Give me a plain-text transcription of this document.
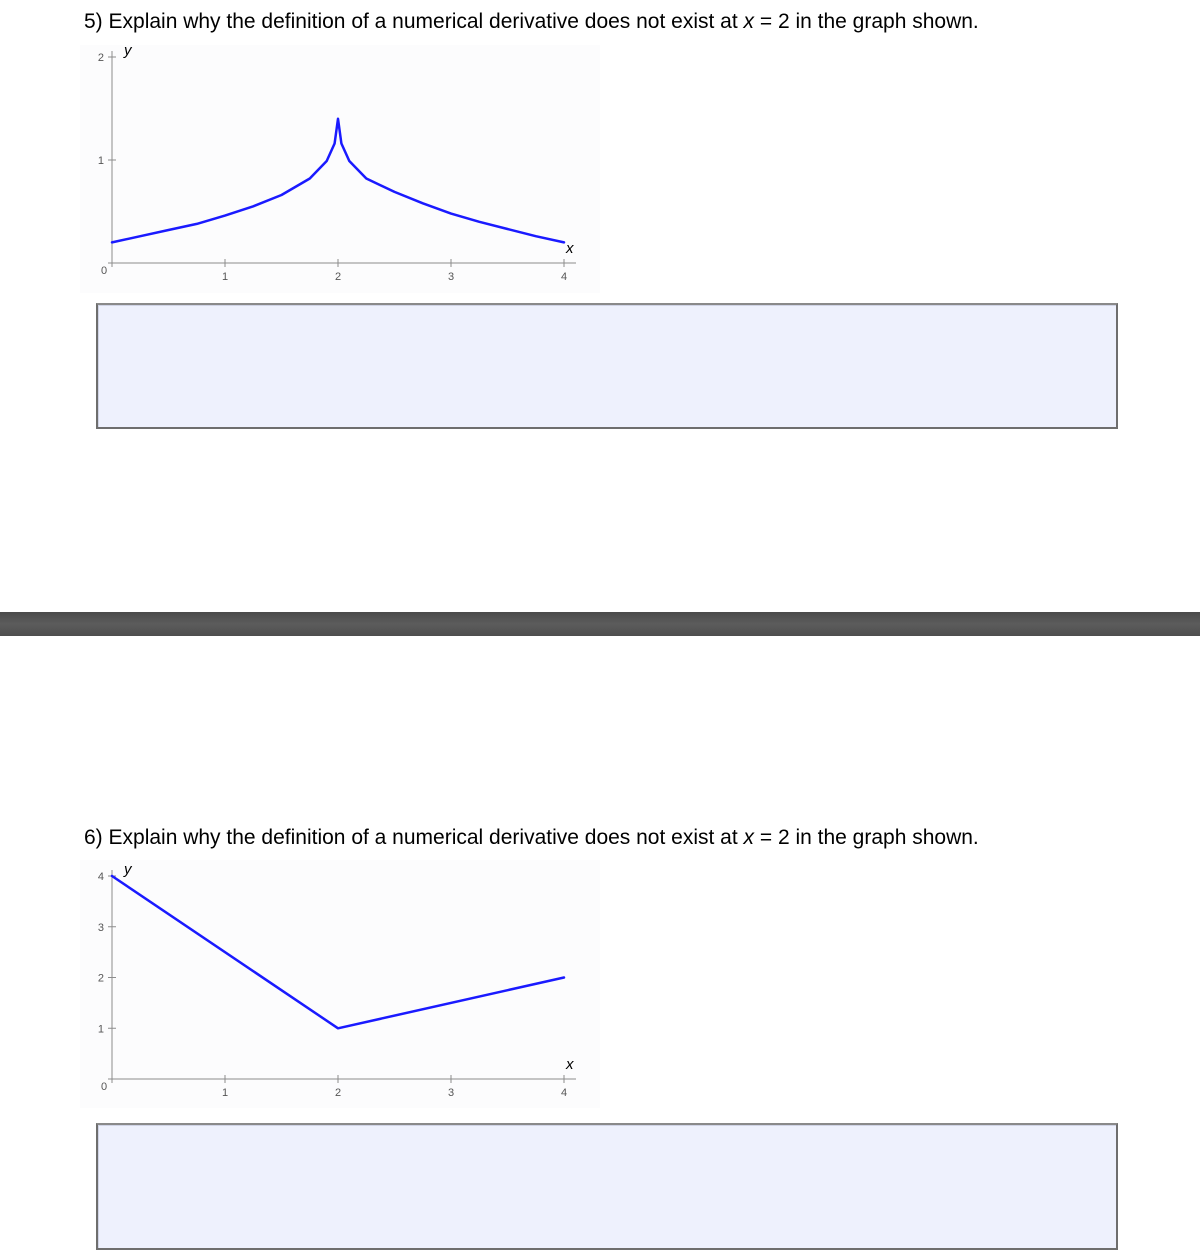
5) Explain why the definition of a numerical derivative does not exist at x = 2 in the graph shown.
0	1	2	3	4
1
2 y
x
6) Explain why the definition of a numerical derivative does not exist at x = 2 in the graph shown.
0	1	2	3	4
1
2
3
4 y
x
